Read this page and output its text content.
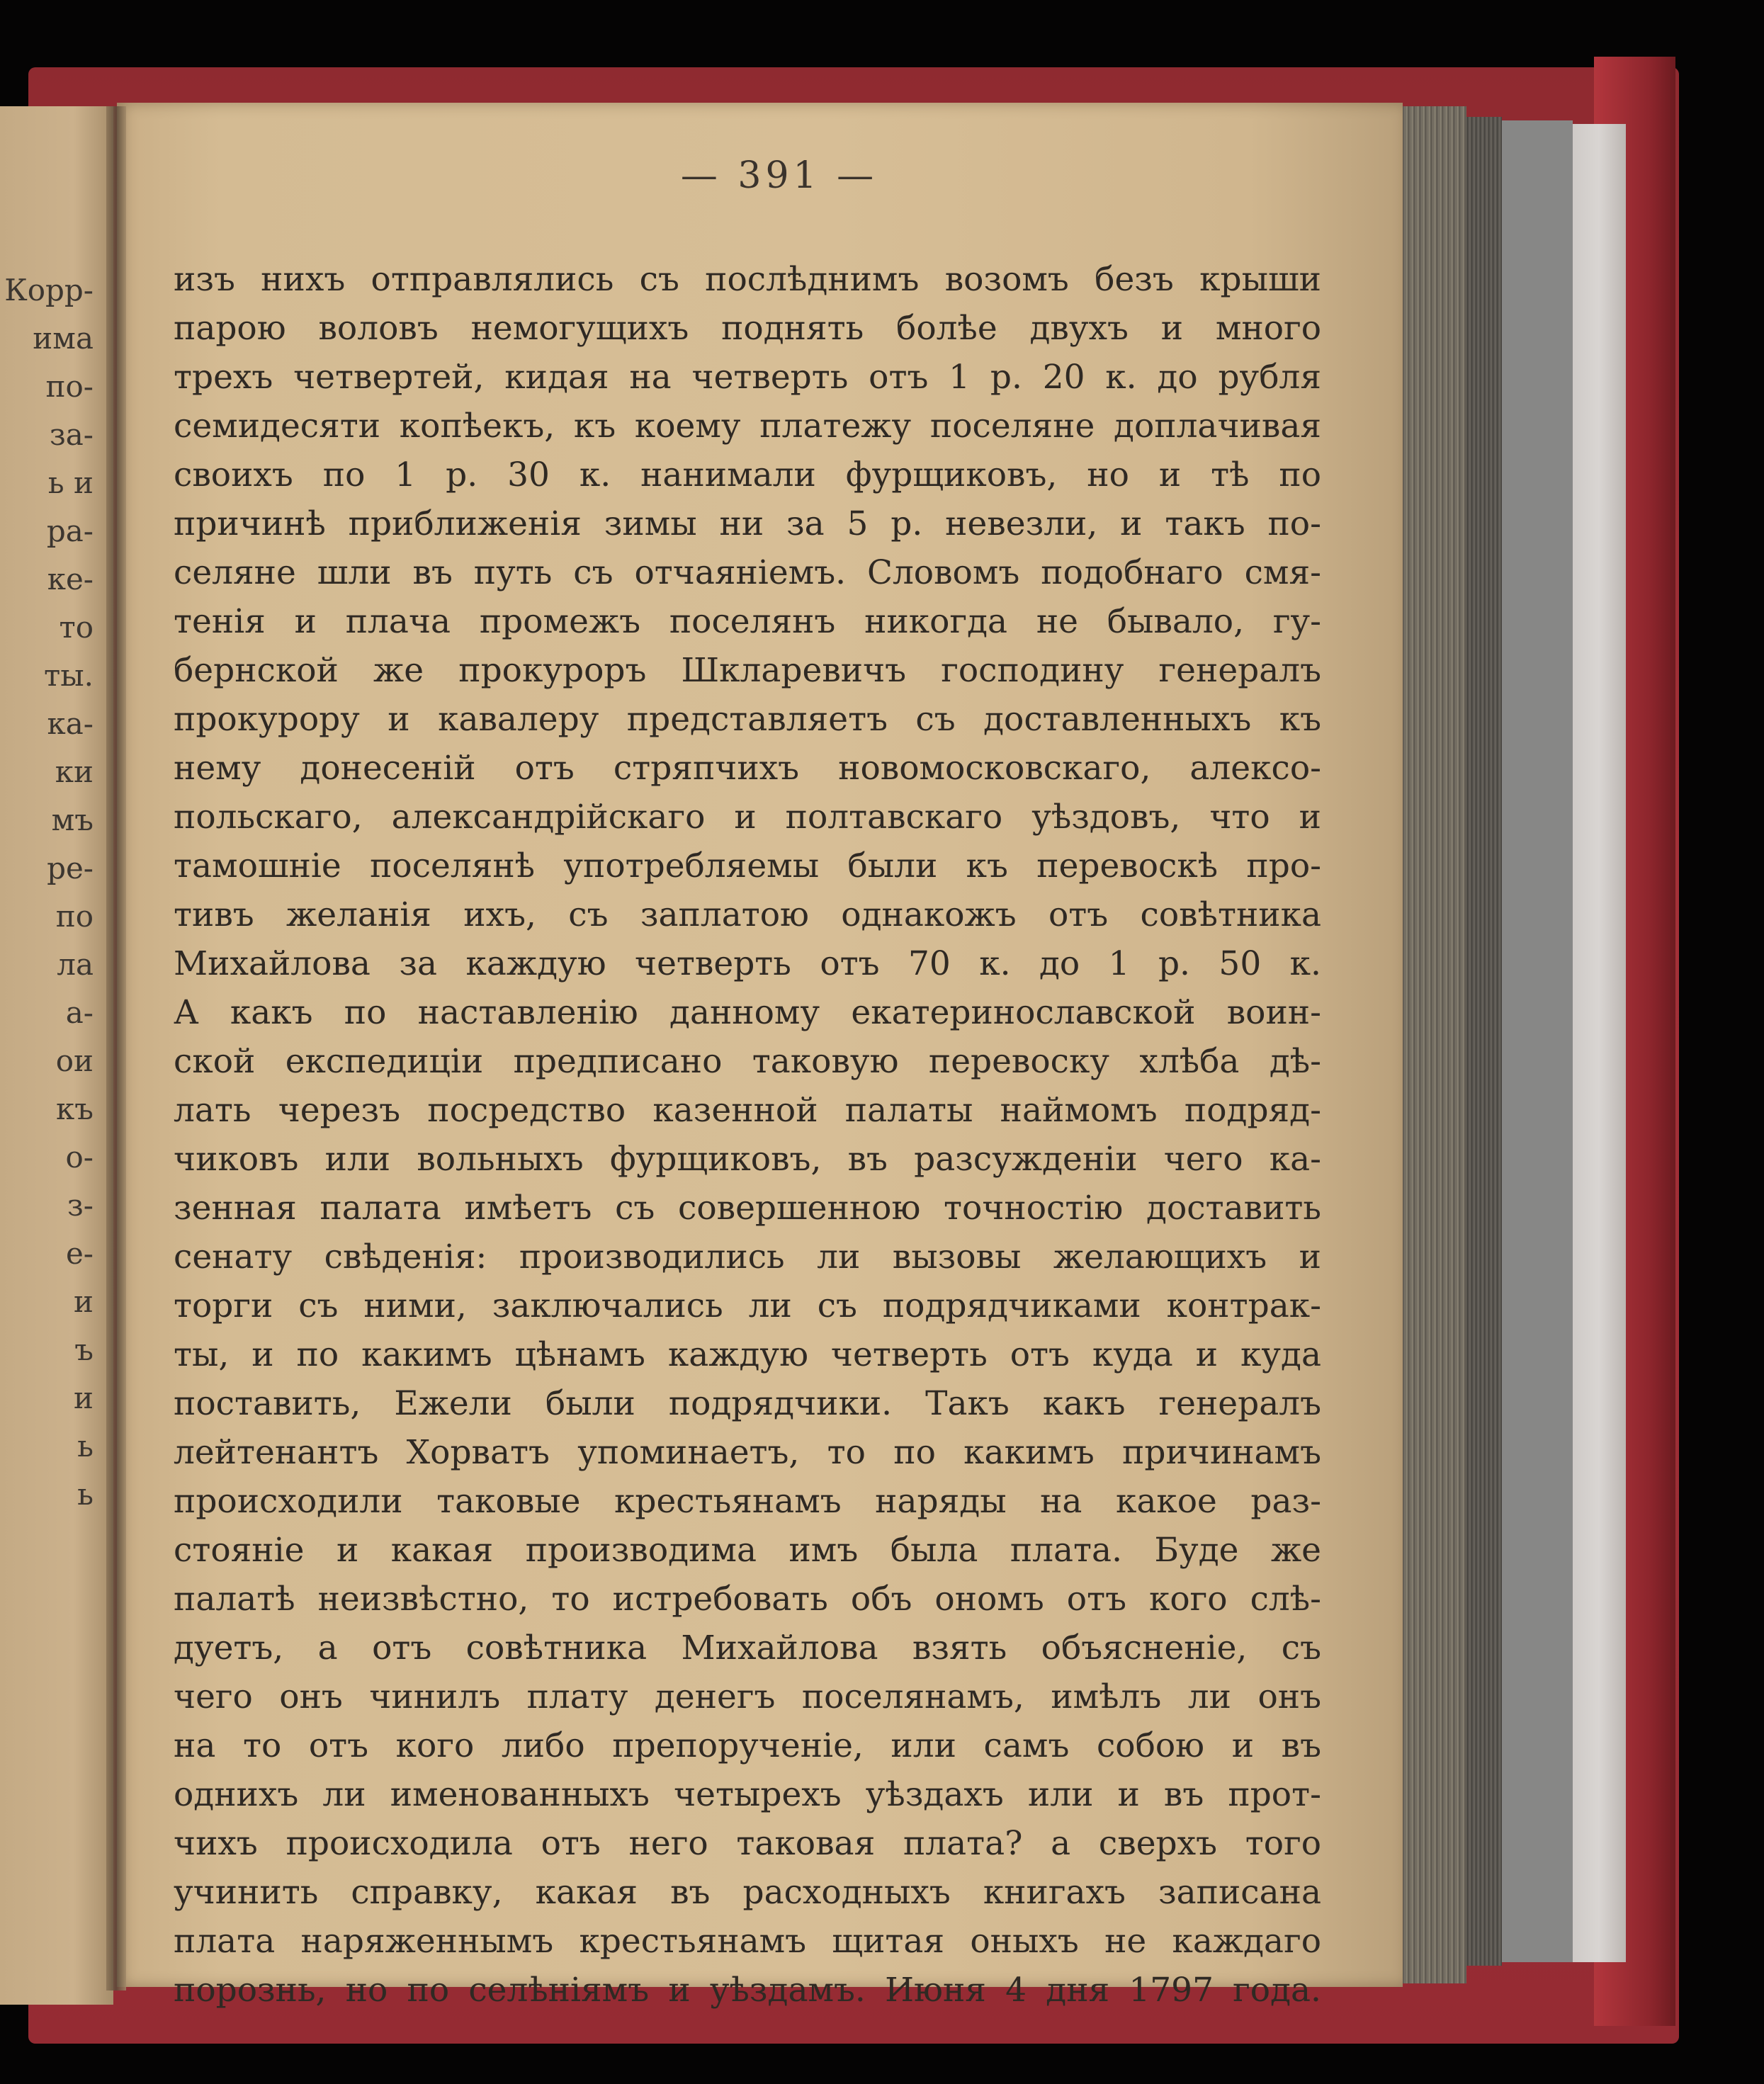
Корр-
има
по-
за-
ь и
ра-
ке-
то
ты.
ка-
ки
мъ
ре-
по
ла
а-
ои
къ
о-
з-
е-
и
ъ
и
ь
ь
— 391 —
изъ нихъ отправлялись съ послѣднимъ возомъ безъ крыши
парою воловъ немогущихъ поднять болѣе двухъ и много
трехъ четвертей, кидая на четверть отъ 1 р. 20 к. до рубля
семидесяти копѣекъ, къ коему платежу поселяне доплачивая
своихъ по 1 р. 30 к. нанимали фурщиковъ, но и тѣ по
причинѣ приближенія зимы ни за 5 р. невезли, и такъ по-
селяне шли въ путь съ отчаяніемъ. Словомъ подобнаго смя-
тенія и плача промежъ поселянъ никогда не бывало, гу-
бернской же прокуроръ Шклаpeвичъ господину генералъ
прокурору и кавалеру представляетъ съ доставленныхъ къ
нему донесеній отъ стряпчихъ новомосковскаго, алексо-
польскаго, александрійскаго и полтавскаго уѣздовъ, что и
тамошніе поселянѣ употребляемы были къ перевоскѣ про-
тивъ желанія ихъ, съ заплатою однакожъ отъ совѣтника
Михайлова за каждую четверть отъ 70 к. до 1 р. 50 к.
А какъ по наставленію данному екатеринославской воин-
ской експедиціи предписано таковую перевоску хлѣба дѣ-
лать черезъ посредство казенной палаты наймомъ подряд-
чиковъ или вольныхъ фурщиковъ, въ разсужденіи чего ка-
зенная палата имѣетъ съ совершенною точностію доставить
сенату свѣденія: производились ли вызовы желающихъ и
торги съ ними, заключались ли съ подрядчиками контрак-
ты, и по какимъ цѣнамъ каждую четверть отъ куда и куда
поставить, Ежели были подрядчики. Такъ какъ генералъ
лейтенантъ Хорватъ упоминаетъ, то по какимъ причинамъ
происходили таковые крестьянамъ наряды на какое раз-
стояніе и какая производима имъ была плата. Буде же
палатѣ неизвѣстно, то истребовать объ ономъ отъ кого слѣ-
дуетъ, а отъ совѣтника Михайлова взять объясненіе, съ
чего онъ чинилъ плату денегъ поселянамъ, имѣлъ ли онъ
на то отъ кого либо препорученіе, или самъ собою и въ
однихъ ли именованныхъ четырехъ уѣздахъ или и въ прот-
чихъ происходила отъ него таковая плата? а сверхъ того
учинить справку, какая въ расходныхъ книгахъ записана
плата наряженнымъ крестьянамъ щитая оныхъ не каждаго
порознь, но по селѣніямъ и уѣздамъ. Июня 4 дня 1797 года.
